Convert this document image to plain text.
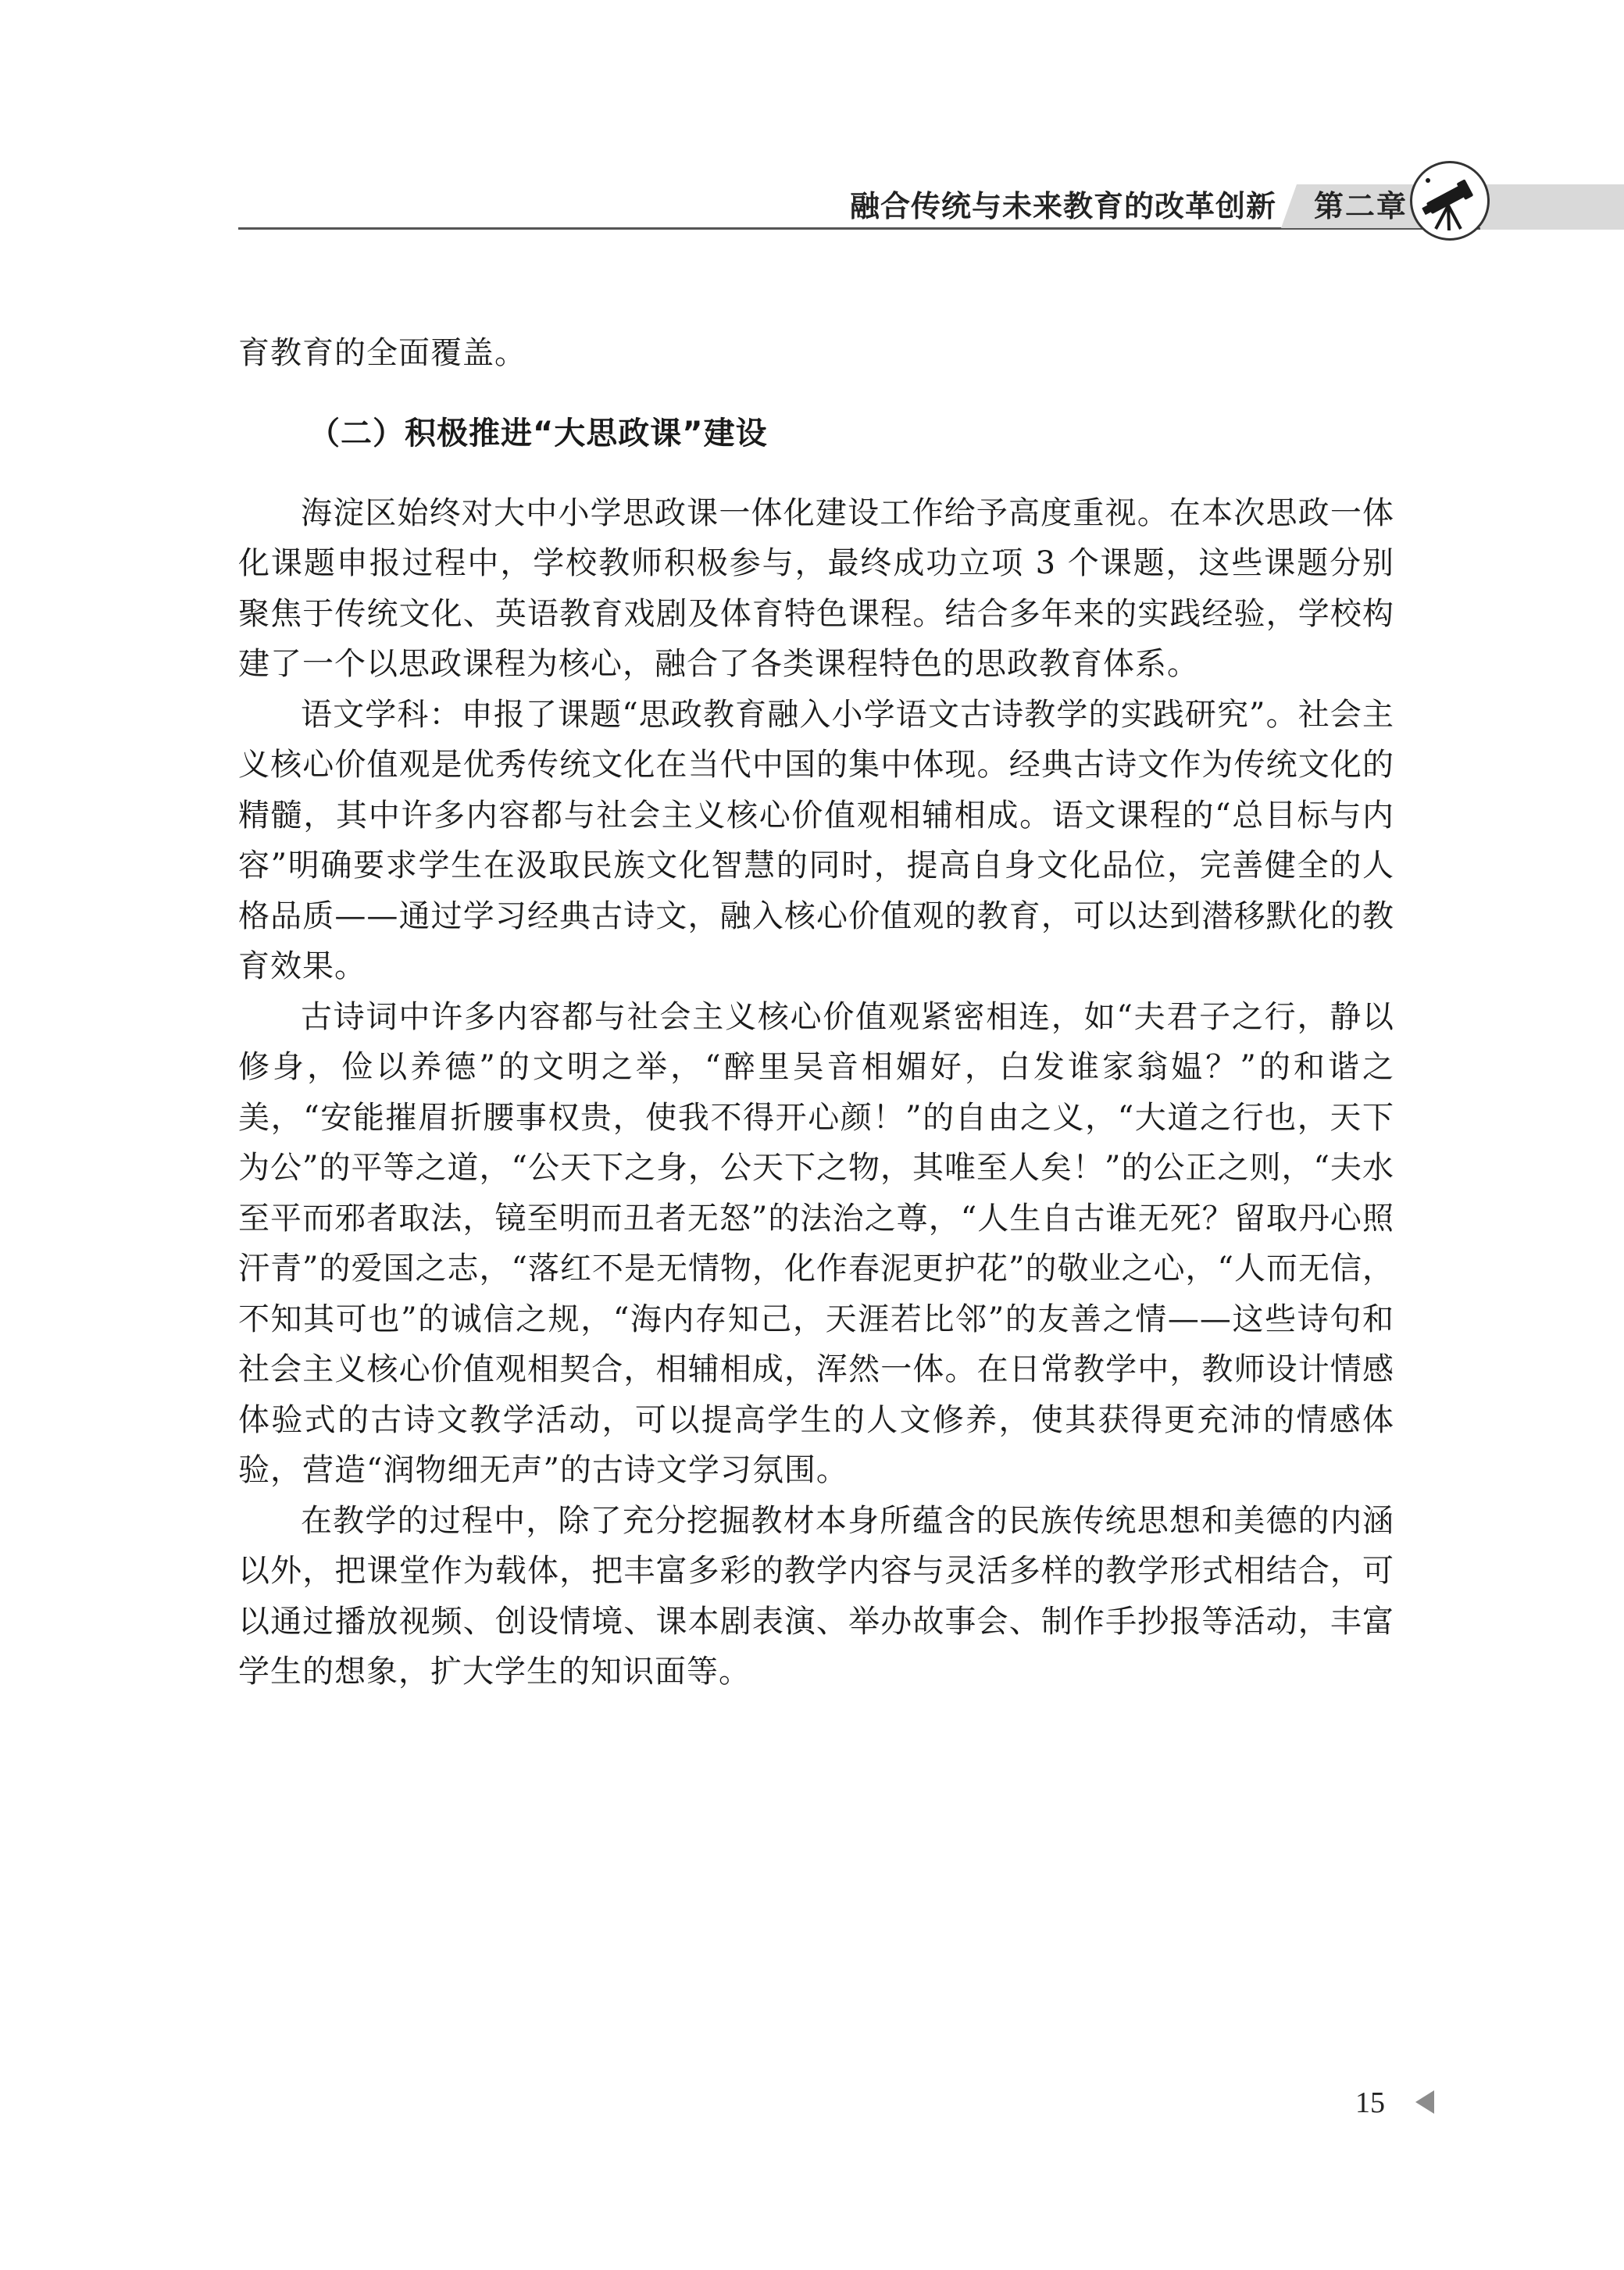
融合传统与未来教育的改革创新	第二章

育教育的全面覆盖。

（二）积极推进“大思政课”建设

海淀区始终对大中小学思政课一体化建设工作给予高度重视。在本次思政一体化课题申报过程中，学校教师积极参与，最终成功立项 3 个课题，这些课题分别聚焦于传统文化、英语教育戏剧及体育特色课程。结合多年来的实践经验，学校构建了一个以思政课程为核心，融合了各类课程特色的思政教育体系。

语文学科：申报了课题“思政教育融入小学语文古诗教学的实践研究”。社会主义核心价值观是优秀传统文化在当代中国的集中体现。经典古诗文作为传统文化的精髓，其中许多内容都与社会主义核心价值观相辅相成。语文课程的“总目标与内容”明确要求学生在汲取民族文化智慧的同时，提高自身文化品位，完善健全的人格品质——通过学习经典古诗文，融入核心价值观的教育，可以达到潜移默化的教育效果。

古诗词中许多内容都与社会主义核心价值观紧密相连，如“夫君子之行，静以修身，俭以养德”的文明之举，“醉里吴音相媚好，白发谁家翁媪？”的和谐之美，“安能摧眉折腰事权贵，使我不得开心颜！”的自由之义，“大道之行也，天下为公”的平等之道，“公天下之身，公天下之物，其唯至人矣！”的公正之则，“夫水至平而邪者取法，镜至明而丑者无怒”的法治之尊，“人生自古谁无死？留取丹心照汗青”的爱国之志，“落红不是无情物，化作春泥更护花”的敬业之心，“人而无信，不知其可也”的诚信之规，“海内存知己，天涯若比邻”的友善之情——这些诗句和社会主义核心价值观相契合，相辅相成，浑然一体。在日常教学中，教师设计情感体验式的古诗文教学活动，可以提高学生的人文修养，使其获得更充沛的情感体验，营造“润物细无声”的古诗文学习氛围。

在教学的过程中，除了充分挖掘教材本身所蕴含的民族传统思想和美德的内涵以外，把课堂作为载体，把丰富多彩的教学内容与灵活多样的教学形式相结合，可以通过播放视频、创设情境、课本剧表演、举办故事会、制作手抄报等活动，丰富学生的想象，扩大学生的知识面等。

15
